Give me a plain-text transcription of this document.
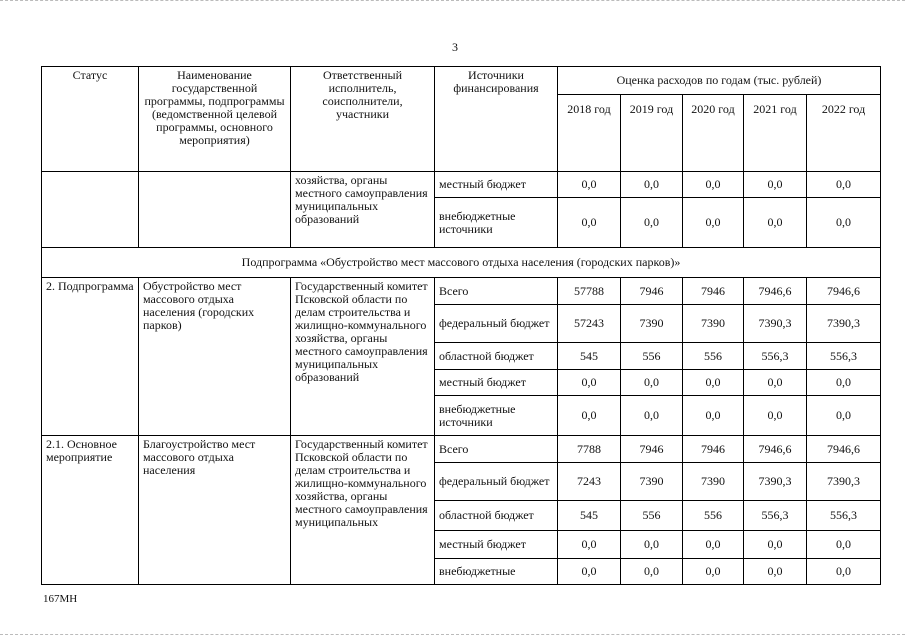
3
Статус	Наименование государственной программы, подпрограммы (ведомственной целевой программы, основного мероприятия)	Ответственный исполнитель, соисполнители, участники	Источники финансирования	Оценка расходов по годам (тыс. рублей)				
				2018 год	2019 год	2020 год	2021 год	2022 год
		хозяйства, органы местного самоуправления муниципальных образований	местный бюджет	0,0	0,0	0,0	0,0	0,0
			внебюджетные источники	0,0	0,0	0,0	0,0	0,0
Подпрограмма «Обустройство мест массового отдыха населения (городских парков)»								
2. Подпрограмма	Обустройство мест массового отдыха населения (городских парков)	Государственный комитет Псковской области по делам строительства и жилищно-коммунального хозяйства, органы местного самоуправления муниципальных образований	Всего	57788	7946	7946	7946,6	7946,6
			федеральный бюджет	57243	7390	7390	7390,3	7390,3
			областной бюджет	545	556	556	556,3	556,3
			местный бюджет	0,0	0,0	0,0	0,0	0,0
			внебюджетные источники	0,0	0,0	0,0	0,0	0,0
2.1. Основное мероприятие	Благоустройство мест массового отдыха населения	Государственный комитет Псковской области по делам строительства и жилищно-коммунального хозяйства, органы местного самоуправления муниципальных	Всего	7788	7946	7946	7946,6	7946,6
			федеральный бюджет	7243	7390	7390	7390,3	7390,3
			областной бюджет	545	556	556	556,3	556,3
			местный бюджет	0,0	0,0	0,0	0,0	0,0
			внебюджетные	0,0	0,0	0,0	0,0	0,0
167МН
